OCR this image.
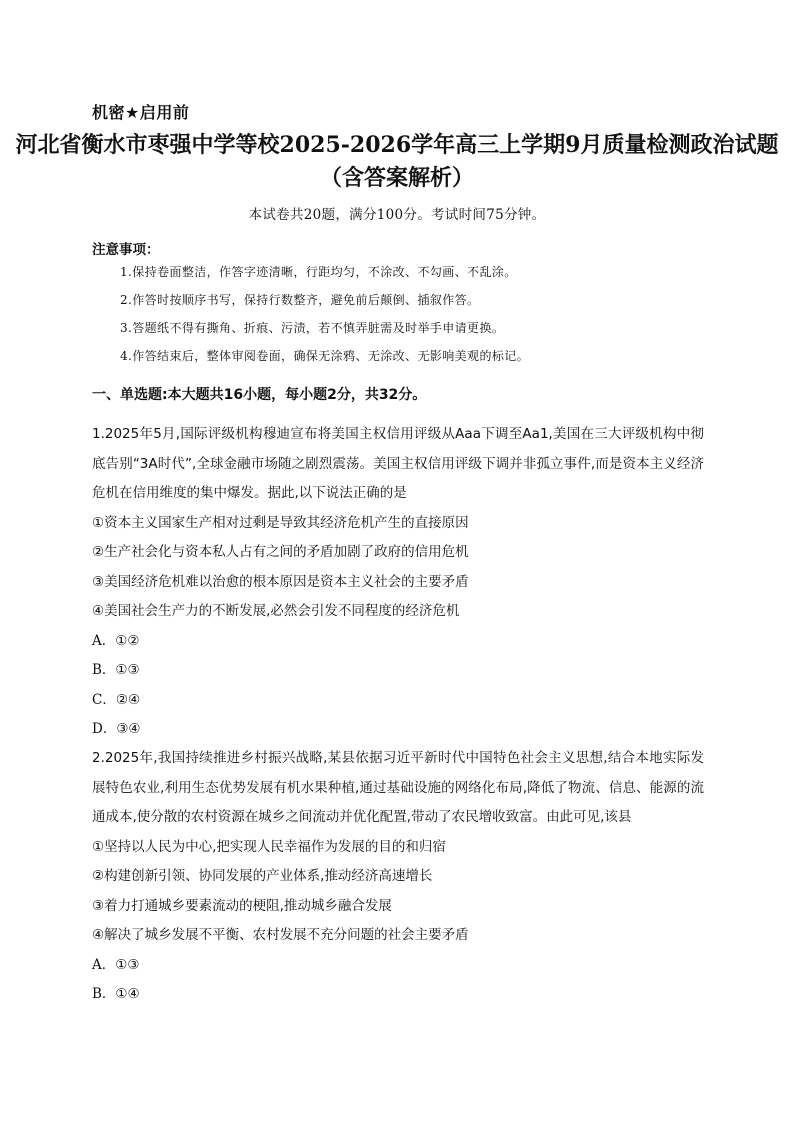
机密★启用前
河北省衡水市枣强中学等校2025-2026学年高三上学期9月质量检测政治试题（含答案解析）
本试卷共20题，满分100分。考试时间75分钟。
注意事项：
1.保持卷面整洁，作答字迹清晰，行距均匀，不涂改、不勾画、不乱涂。
2.作答时按顺序书写，保持行数整齐，避免前后颠倒、插叙作答。
3.答题纸不得有撕角、折痕、污渍，若不慎弄脏需及时举手申请更换。
4.作答结束后，整体审阅卷面，确保无涂鸦、无涂改、无影响美观的标记。
一、单选题:本大题共16小题，每小题2分，共32分。

1.2025年5月,国际评级机构穆迪宣布将美国主权信用评级从Aaa下调至Aa1,美国在三大评级机构中彻底告别“3A时代”,全球金融市场随之剧烈震荡。美国主权信用评级下调并非孤立事件,而是资本主义经济危机在信用维度的集中爆发。据此,以下说法正确的是

①资本主义国家生产相对过剩是导致其经济危机产生的直接原因

②生产社会化与资本私人占有之间的矛盾加剧了政府的信用危机

③美国经济危机难以治愈的根本原因是资本主义社会的主要矛盾

④美国社会生产力的不断发展,必然会引发不同程度的经济危机

A．①②

B．①③

C．②④

D．③④

2.2025年,我国持续推进乡村振兴战略,某县依据习近平新时代中国特色社会主义思想,结合本地实际发展特色农业,利用生态优势发展有机水果种植,通过基础设施的网络化布局,降低了物流、信息、能源的流通成本,使分散的农村资源在城乡之间流动并优化配置,带动了农民增收致富。由此可见,该县

①坚持以人民为中心,把实现人民幸福作为发展的目的和归宿

②构建创新引领、协同发展的产业体系,推动经济高速增长

③着力打通城乡要素流动的梗阻,推动城乡融合发展

④解决了城乡发展不平衡、农村发展不充分问题的社会主要矛盾

A．①③

B．①④
